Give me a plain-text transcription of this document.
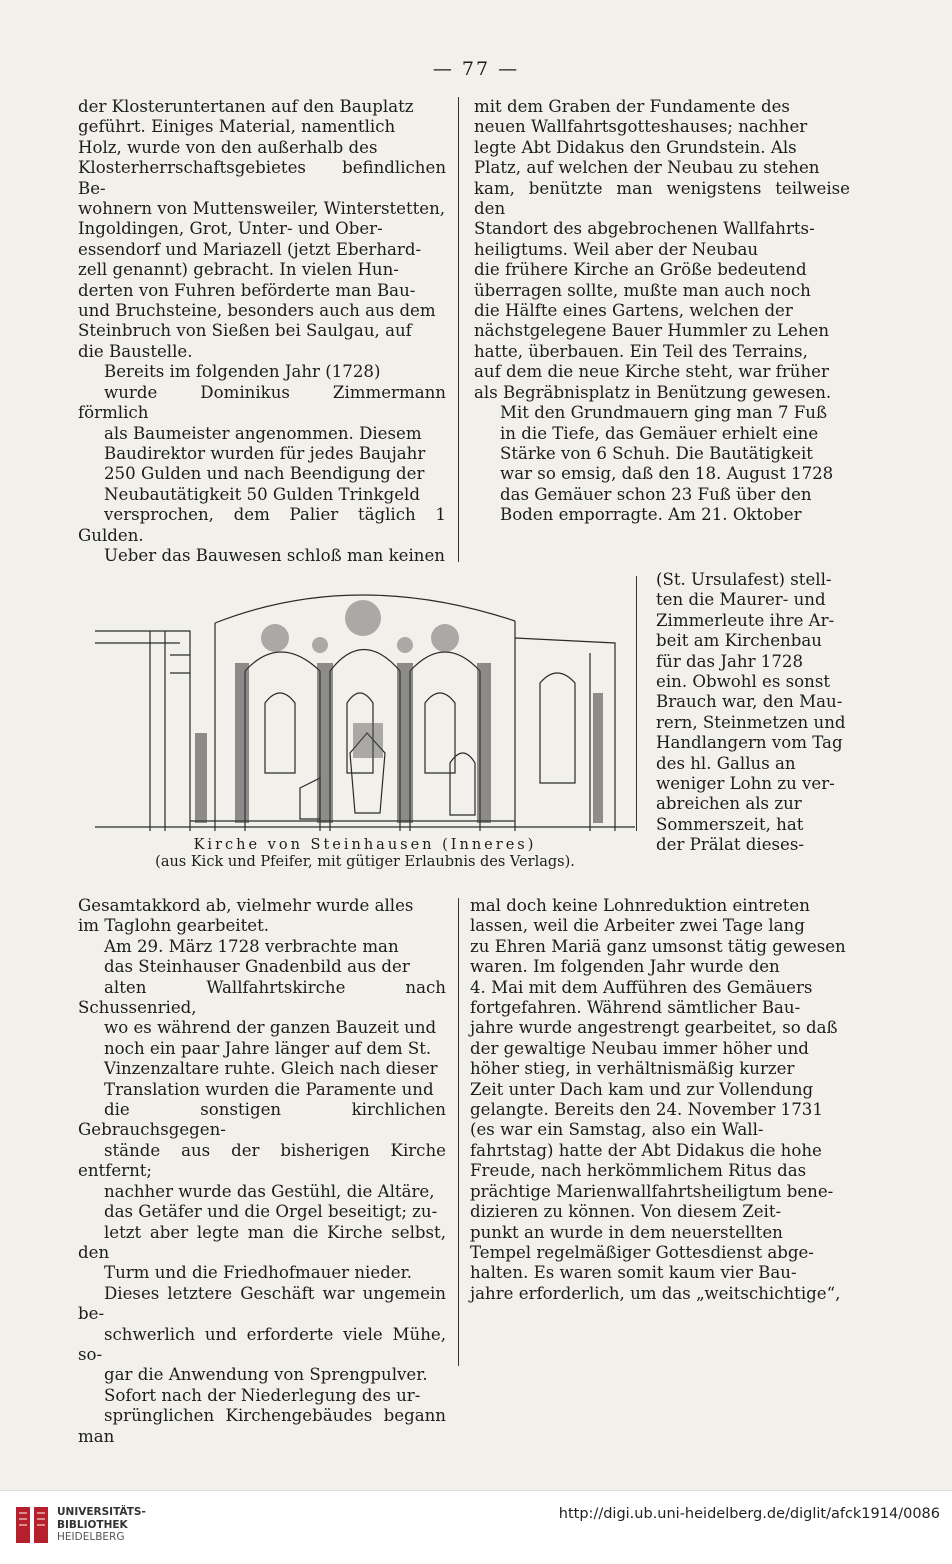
— 77 —

der Klosteruntertanen auf den Bauplatz
geführt. Einiges Material, namentlich
Holz, wurde von den außerhalb des
Klosterherrschaftsgebietes befindlichen Be-
wohnern von Muttensweiler, Winterstetten,
Ingoldingen, Grot, Unter- und Ober-
essendorf und Mariazell (jetzt Eberhard-
zell genannt) gebracht. In vielen Hun-
derten von Fuhren beförderte man Bau-
und Bruchsteine, besonders auch aus dem
Steinbruch von Sießen bei Saulgau, auf
die Baustelle.

Bereits im folgenden Jahr (1728)
wurde Dominikus Zimmermann förmlich
als Baumeister angenommen. Diesem
Baudirektor wurden für jedes Baujahr
250 Gulden und nach Beendigung der
Neubautätigkeit 50 Gulden Trinkgeld
versprochen, dem Palier täglich 1 Gulden.
Ueber das Bauwesen schloß man keinen

mit dem Graben der Fundamente des
neuen Wallfahrtsgotteshauses; nachher
legte Abt Didakus den Grundstein. Als
Platz, auf welchen der Neubau zu stehen
kam, benützte man wenigstens teilweise den
Standort des abgebrochenen Wallfahrts-
heiligtums. Weil aber der Neubau
die frühere Kirche an Größe bedeutend
überragen sollte, mußte man auch noch
die Hälfte eines Gartens, welchen der
nächstgelegene Bauer Hummler zu Lehen
hatte, überbauen. Ein Teil des Terrains,
auf dem die neue Kirche steht, war früher
als Begräbnisplatz in Benützung gewesen.

Mit den Grundmauern ging man 7 Fuß
in die Tiefe, das Gemäuer erhielt eine
Stärke von 6 Schuh. Die Bautätigkeit
war so emsig, daß den 18. August 1728
das Gemäuer schon 23 Fuß über den
Boden emporragte. Am 21. Oktober

(St. Ursulafest) stell-
ten die Maurer- und
Zimmerleute ihre Ar-
beit am Kirchenbau
für das Jahr 1728
ein. Obwohl es sonst
Brauch war, den Mau-
rern, Steinmetzen und
Handlangern vom Tag
des hl. Gallus an
weniger Lohn zu ver-
abreichen als zur
Sommerszeit, hat
der Prälat dieses-

Kirche von Steinhausen (Inneres)
(aus Kick und Pfeifer, mit gütiger Erlaubnis des Verlags).

Gesamtakkord ab, vielmehr wurde alles
im Taglohn gearbeitet.

Am 29. März 1728 verbrachte man
das Steinhauser Gnadenbild aus der
alten Wallfahrtskirche nach Schussenried,
wo es während der ganzen Bauzeit und
noch ein paar Jahre länger auf dem St.
Vinzenzaltare ruhte. Gleich nach dieser
Translation wurden die Paramente und
die sonstigen kirchlichen Gebrauchsgegen-
stände aus der bisherigen Kirche entfernt;
nachher wurde das Gestühl, die Altäre,
das Getäfer und die Orgel beseitigt; zu-
letzt aber legte man die Kirche selbst, den
Turm und die Friedhofmauer nieder.
Dieses letztere Geschäft war ungemein be-
schwerlich und erforderte viele Mühe, so-
gar die Anwendung von Sprengpulver.

Sofort nach der Niederlegung des ur-
sprünglichen Kirchengebäudes begann man

mal doch keine Lohnreduktion eintreten
lassen, weil die Arbeiter zwei Tage lang
zu Ehren Mariä ganz umsonst tätig gewesen
waren. Im folgenden Jahr wurde den
4. Mai mit dem Aufführen des Gemäuers
fortgefahren. Während sämtlicher Bau-
jahre wurde angestrengt gearbeitet, so daß
der gewaltige Neubau immer höher und
höher stieg, in verhältnismäßig kurzer
Zeit unter Dach kam und zur Vollendung
gelangte. Bereits den 24. November 1731
(es war ein Samstag, also ein Wall-
fahrtstag) hatte der Abt Didakus die hohe
Freude, nach herkömmlichem Ritus das
prächtige Marienwallfahrtsheiligtum bene-
dizieren zu können. Von diesem Zeit-
punkt an wurde in dem neuerstellten
Tempel regelmäßiger Gottesdienst abge-
halten. Es waren somit kaum vier Bau-
jahre erforderlich, um das „weitschichtige“,

UNIVERSITÄTS-
BIBLIOTHEK
HEIDELBERG
http://digi.ub.uni-heidelberg.de/diglit/afck1914/0086
